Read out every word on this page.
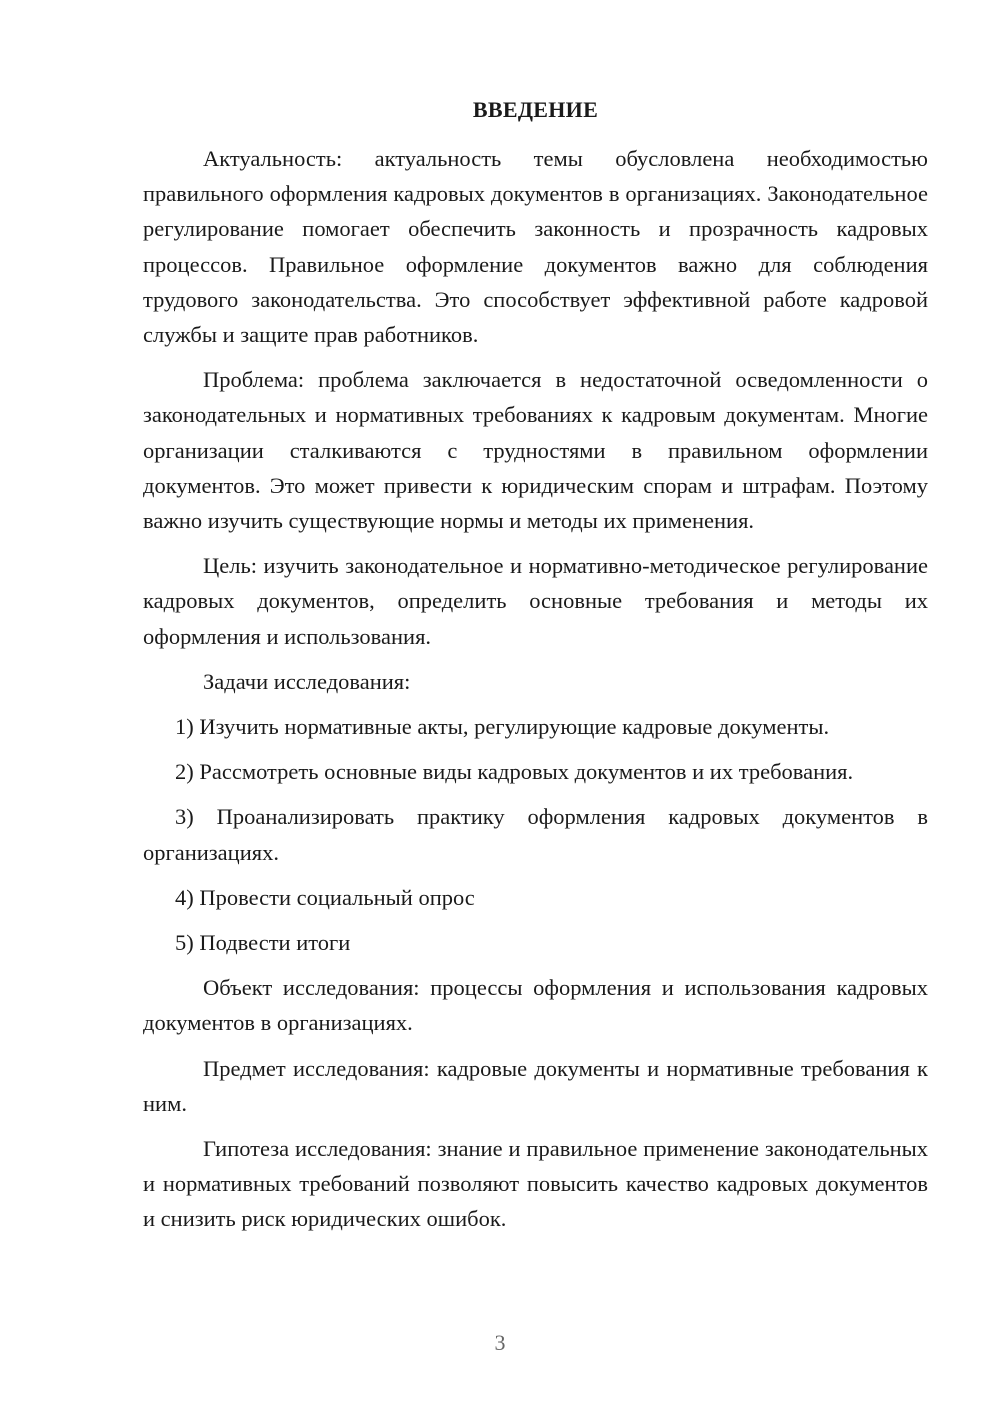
ВВЕДЕНИЕ

Актуальность: актуальность темы обусловлена необходимостью правильного оформления кадровых документов в организациях. Законодательное регулирование помогает обеспечить законность и прозрачность кадровых процессов. Правильное оформление документов важно для соблюдения трудового законодательства. Это способствует эффективной работе кадровой службы и защите прав работников.

Проблема: проблема заключается в недостаточной осведомленности о законодательных и нормативных требованиях к кадровым документам. Многие организации сталкиваются с трудностями в правильном оформлении документов. Это может привести к юридическим спорам и штрафам. Поэтому важно изучить существующие нормы и методы их применения.

Цель: изучить законодательное и нормативно-методическое регулирование кадровых документов, определить основные требования и методы их оформления и использования.

Задачи исследования:

1) Изучить нормативные акты, регулирующие кадровые документы.

2) Рассмотреть основные виды кадровых документов и их требования.

3) Проанализировать практику оформления кадровых документов в организациях.

4) Провести социальный опрос

5) Подвести итоги

Объект исследования: процессы оформления и использования кадровых документов в организациях.

Предмет исследования: кадровые документы и нормативные требования к ним.

Гипотеза исследования: знание и правильное применение законодательных и нормативных требований позволяют повысить качество кадровых документов и снизить риск юридических ошибок.

3
